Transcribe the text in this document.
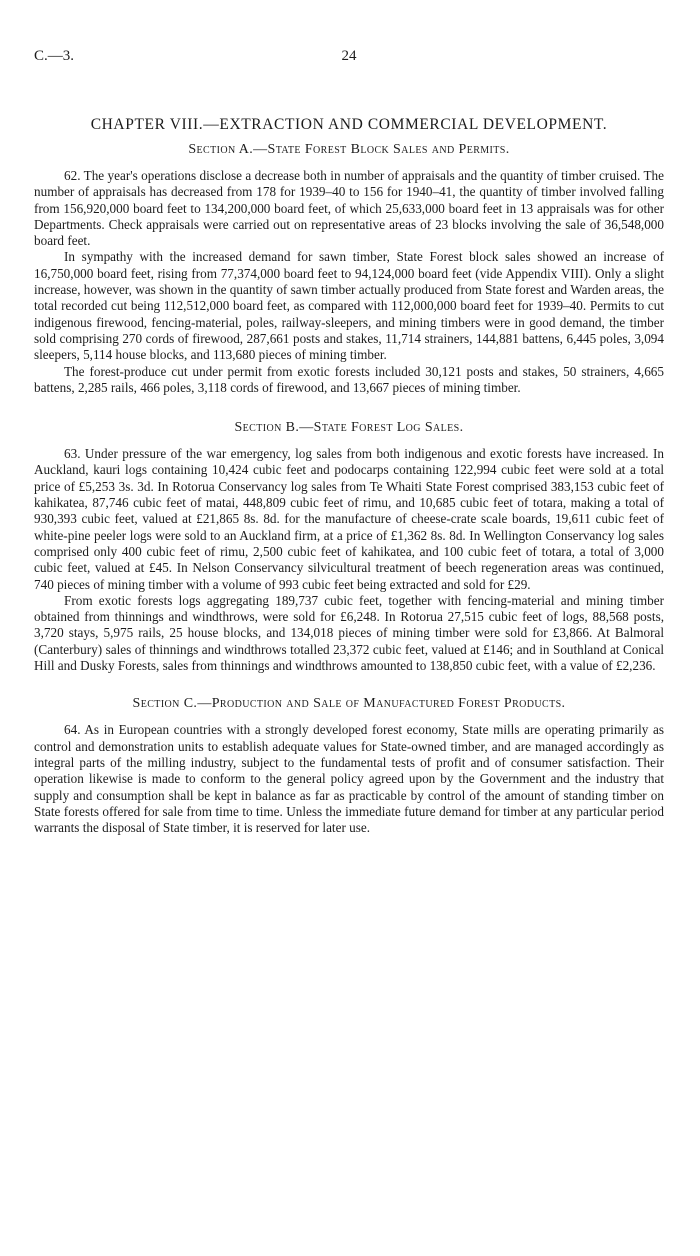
C.—3.	24
CHAPTER VIII.—EXTRACTION AND COMMERCIAL DEVELOPMENT.
Section A.—State Forest Block Sales and Permits.

62. The year's operations disclose a decrease both in number of appraisals and the quantity of timber cruised. The number of appraisals has decreased from 178 for 1939–40 to 156 for 1940–41, the quantity of timber involved falling from 156,920,000 board feet to 134,200,000 board feet, of which 25,633,000 board feet in 13 appraisals was for other Departments. Check appraisals were carried out on representative areas of 23 blocks involving the sale of 36,548,000 board feet.

In sympathy with the increased demand for sawn timber, State Forest block sales showed an increase of 16,750,000 board feet, rising from 77,374,000 board feet to 94,124,000 board feet (vide Appendix VIII). Only a slight increase, however, was shown in the quantity of sawn timber actually produced from State forest and Warden areas, the total recorded cut being 112,512,000 board feet, as compared with 112,000,000 board feet for 1939–40. Permits to cut indigenous firewood, fencing-material, poles, railway-sleepers, and mining timbers were in good demand, the timber sold comprising 270 cords of firewood, 287,661 posts and stakes, 11,714 strainers, 144,881 battens, 6,445 poles, 3,094 sleepers, 5,114 house blocks, and 113,680 pieces of mining timber.

The forest-produce cut under permit from exotic forests included 30,121 posts and stakes, 50 strainers, 4,665 battens, 2,285 rails, 466 poles, 3,118 cords of firewood, and 13,667 pieces of mining timber.

Section B.—State Forest Log Sales.

63. Under pressure of the war emergency, log sales from both indigenous and exotic forests have increased. In Auckland, kauri logs containing 10,424 cubic feet and podocarps containing 122,994 cubic feet were sold at a total price of £5,253 3s. 3d. In Rotorua Conservancy log sales from Te Whaiti State Forest comprised 383,153 cubic feet of kahikatea, 87,746 cubic feet of matai, 448,809 cubic feet of rimu, and 10,685 cubic feet of totara, making a total of 930,393 cubic feet, valued at £21,865 8s. 8d. for the manufacture of cheese-crate scale boards, 19,611 cubic feet of white-pine peeler logs were sold to an Auckland firm, at a price of £1,362 8s. 8d. In Wellington Conservancy log sales comprised only 400 cubic feet of rimu, 2,500 cubic feet of kahikatea, and 100 cubic feet of totara, a total of 3,000 cubic feet, valued at £45. In Nelson Conservancy silvicultural treatment of beech regeneration areas was continued, 740 pieces of mining timber with a volume of 993 cubic feet being extracted and sold for £29.

From exotic forests logs aggregating 189,737 cubic feet, together with fencing-material and mining timber obtained from thinnings and windthrows, were sold for £6,248. In Rotorua 27,515 cubic feet of logs, 88,568 posts, 3,720 stays, 5,975 rails, 25 house blocks, and 134,018 pieces of mining timber were sold for £3,866. At Balmoral (Canterbury) sales of thinnings and windthrows totalled 23,372 cubic feet, valued at £146; and in Southland at Conical Hill and Dusky Forests, sales from thinnings and windthrows amounted to 138,850 cubic feet, with a value of £2,236.

Section C.—Production and Sale of Manufactured Forest Products.

64. As in European countries with a strongly developed forest economy, State mills are operating primarily as control and demonstration units to establish adequate values for State-owned timber, and are managed accordingly as integral parts of the milling industry, subject to the fundamental tests of profit and of consumer satisfaction. Their operation likewise is made to conform to the general policy agreed upon by the Government and the industry that supply and consumption shall be kept in balance as far as practicable by control of the amount of standing timber on State forests offered for sale from time to time. Unless the immediate future demand for timber at any particular period warrants the disposal of State timber, it is reserved for later use.
